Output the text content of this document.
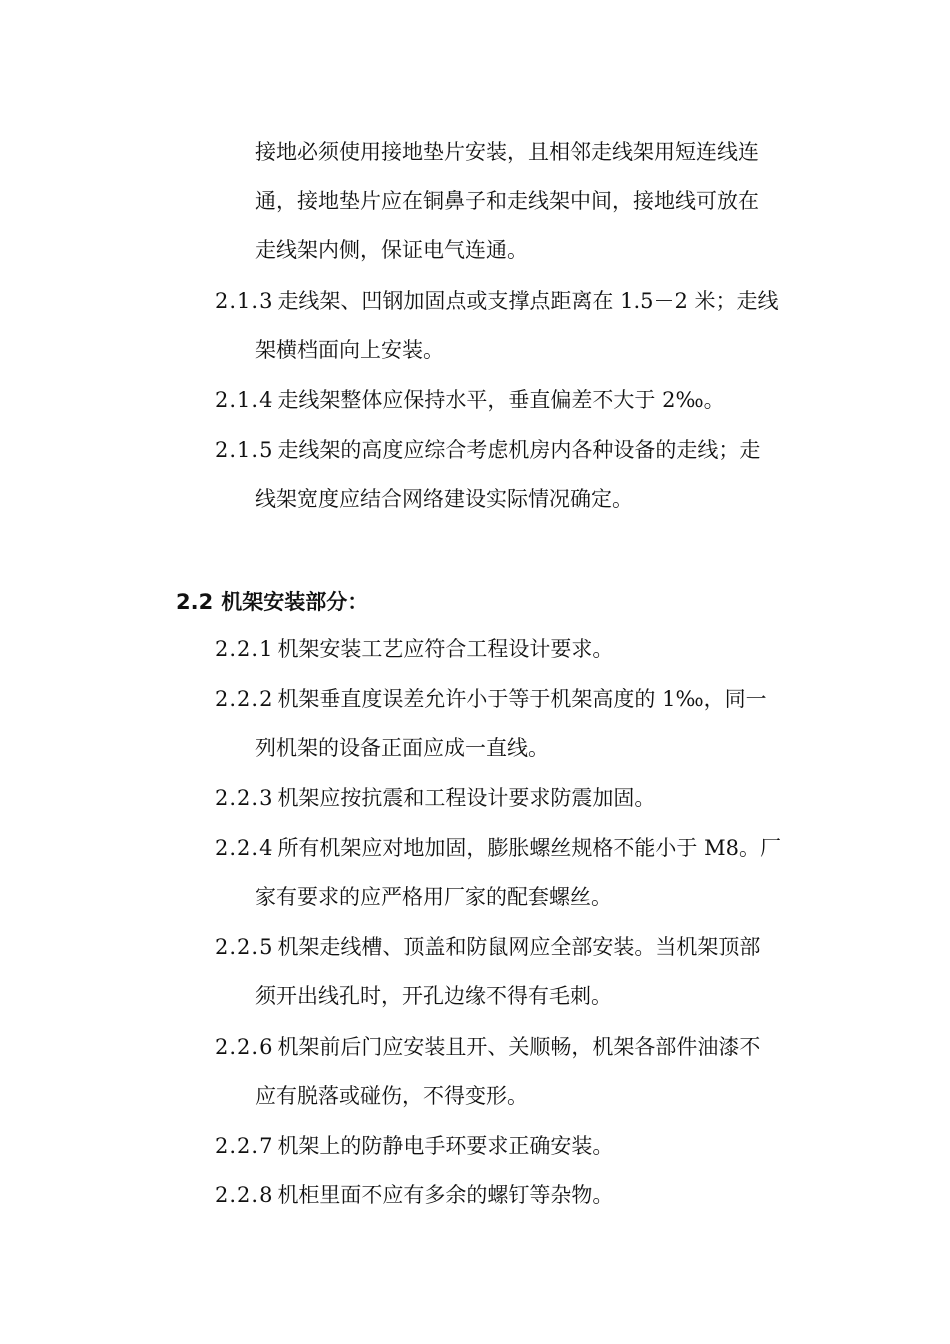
接地必须使用接地垫片安装，且相邻走线架用短连线连
通，接地垫片应在铜鼻子和走线架中间，接地线可放在
走线架内侧，保证电气连通。
2.1.3 走线架、凹钢加固点或支撑点距离在 1.5－2 米；走线
架横档面向上安装。
2.1.4 走线架整体应保持水平，垂直偏差不大于 2‰。
2.1.5 走线架的高度应综合考虑机房内各种设备的走线；走
线架宽度应结合网络建设实际情况确定。
2.2 机架安装部分：
2.2.1 机架安装工艺应符合工程设计要求。
2.2.2 机架垂直度误差允许小于等于机架高度的 1‰，同一
列机架的设备正面应成一直线。
2.2.3 机架应按抗震和工程设计要求防震加固。
2.2.4 所有机架应对地加固，膨胀螺丝规格不能小于 M8。厂
家有要求的应严格用厂家的配套螺丝。
2.2.5 机架走线槽、顶盖和防鼠网应全部安装。当机架顶部
须开出线孔时，开孔边缘不得有毛刺。
2.2.6 机架前后门应安装且开、关顺畅，机架各部件油漆不
应有脱落或碰伤，不得变形。
2.2.7 机架上的防静电手环要求正确安装。
2.2.8 机柜里面不应有多余的螺钉等杂物。
